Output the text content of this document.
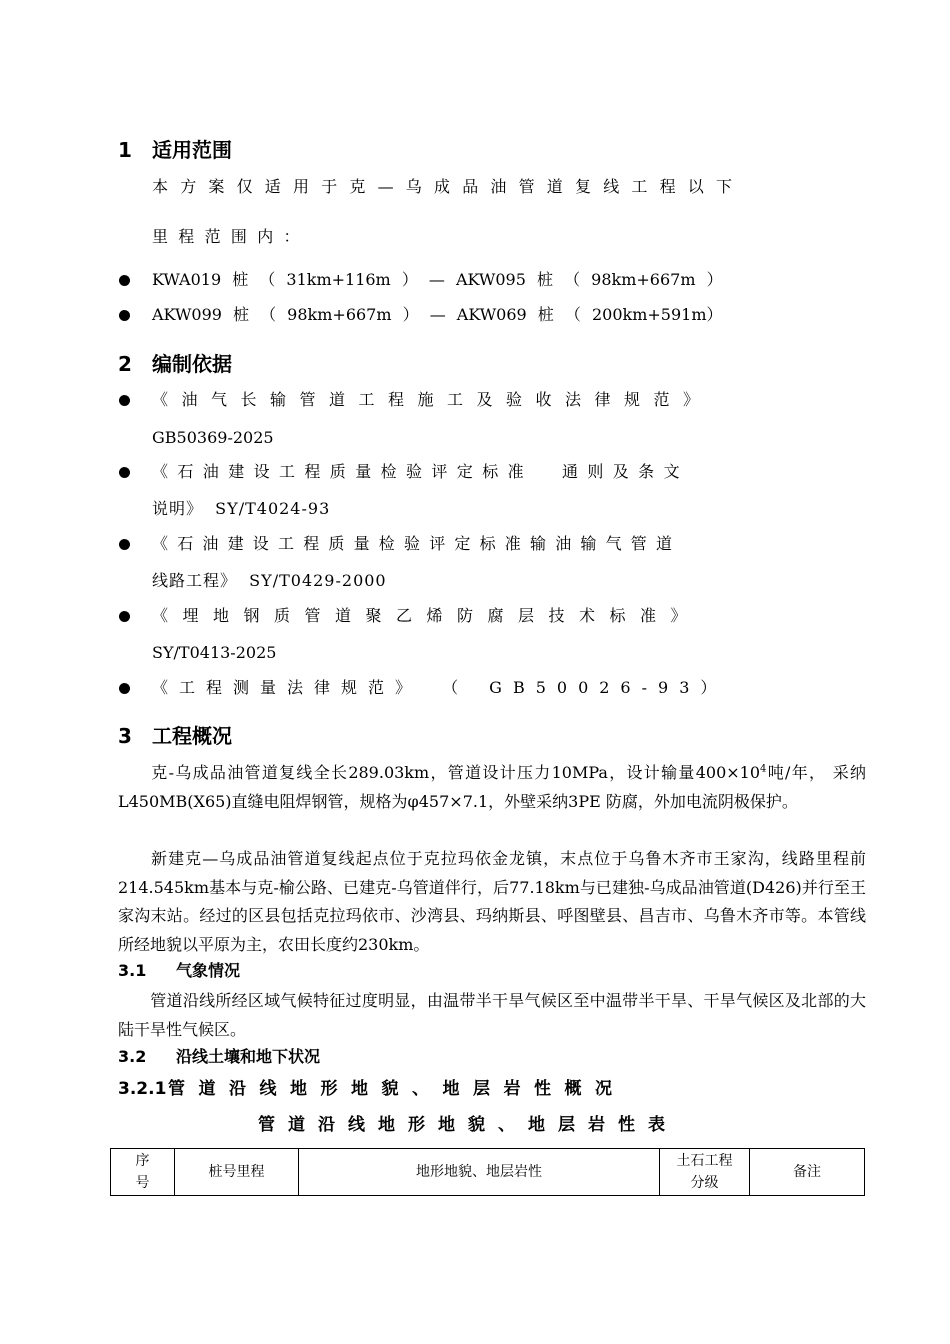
1 适用范围
本方案仅适用于克—乌成品油管道复线工程以下
里程范围内：
KWA019 桩 （ 31km+116m ） — AKW095 桩 （ 98km+667m ）
AKW099 桩 （ 98km+667m ） — AKW069 桩 （ 200km+591m）
2 编制依据
《油气长输管道工程施工及验收法律规范》
GB50369-2025
《石油建设工程质量检验评定标准  通则及条文
说明》  SY/T4024-93
《石油建设工程质量检验评定标准输油输气管道
线路工程》  SY/T0429-2000
《埋地钢质管道聚乙烯防腐层技术标准》
SY/T0413-2025
《工程测量法律规范》 （ GB50026-93）
3 工程概况
克-乌成品油管道复线全长289.03km，管道设计压力10MPa，设计输量$400\times 10^4$吨/年， 采纳L450MB(X65)直缝电阻焊钢管，规格为φ457×7.1，外壁采纳3PE 防腐，外加电流阴极保护。
新建克—乌成品油管道复线起点位于克拉玛依金龙镇，末点位于乌鲁木齐市王家沟，线路里程前214.545km基本与克-榆公路、已建克-乌管道伴行，后77.18km与已建独-乌成品油管道(D426)并行至王家沟末站。经过的区县包括克拉玛依市、沙湾县、玛纳斯县、呼图壁县、昌吉市、乌鲁木齐市等。本管线所经地貌以平原为主，农田长度约230km。
3.1 气象情况
管道沿线所经区域气候特征过度明显，由温带半干旱气候区至中温带半干旱、干旱气候区及北部的大陆干旱性气候区。
3.2 沿线土壤和地下状况
3.2.1管道沿线地形地貌、地层岩性概况
管道沿线地形地貌、地层岩性表
序号	桩号里程	地形地貌、地层岩性	土石工程分级	备注
